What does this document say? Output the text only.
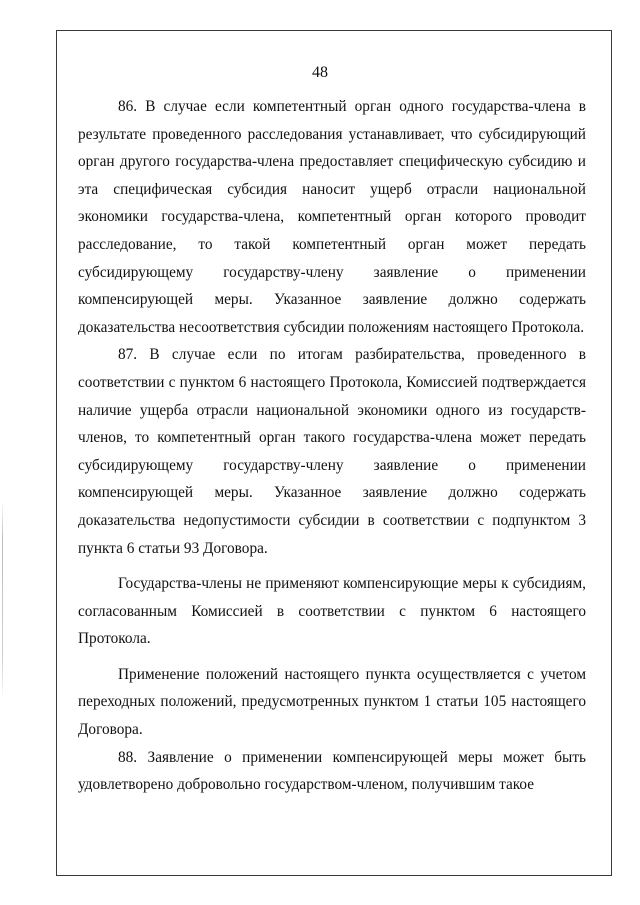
48

86. В случае если компетентный орган одного государства-члена в результате проведенного расследования устанавливает, что субсидирующий орган другого государства-члена предоставляет специфическую субсидию и эта специфическая субсидия наносит ущерб отрасли национальной экономики государства-члена, компетентный орган которого проводит расследование, то такой компетентный орган может передать субсидирующему государству-члену заявление о применении компенсирующей меры. Указанное заявление должно содержать доказательства несоответствия субсидии положениям настоящего Протокола.

87. В случае если по итогам разбирательства, проведенного в соответствии с пунктом 6 настоящего Протокола, Комиссией подтверждается наличие ущерба отрасли национальной экономики одного из государств-членов, то компетентный орган такого государства-члена может передать субсидирующему государству-члену заявление о применении компенсирующей меры. Указанное заявление должно содержать доказательства недопустимости субсидии в соответствии с подпунктом 3 пункта 6 статьи 93 Договора.

Государства-члены не применяют компенсирующие меры к субсидиям, согласованным Комиссией в соответствии с пунктом 6 настоящего Протокола.

Применение положений настоящего пункта осуществляется с учетом переходных положений, предусмотренных пунктом 1 статьи 105 настоящего Договора.

88. Заявление о применении компенсирующей меры может быть удовлетворено добровольно государством-членом, получившим такое
